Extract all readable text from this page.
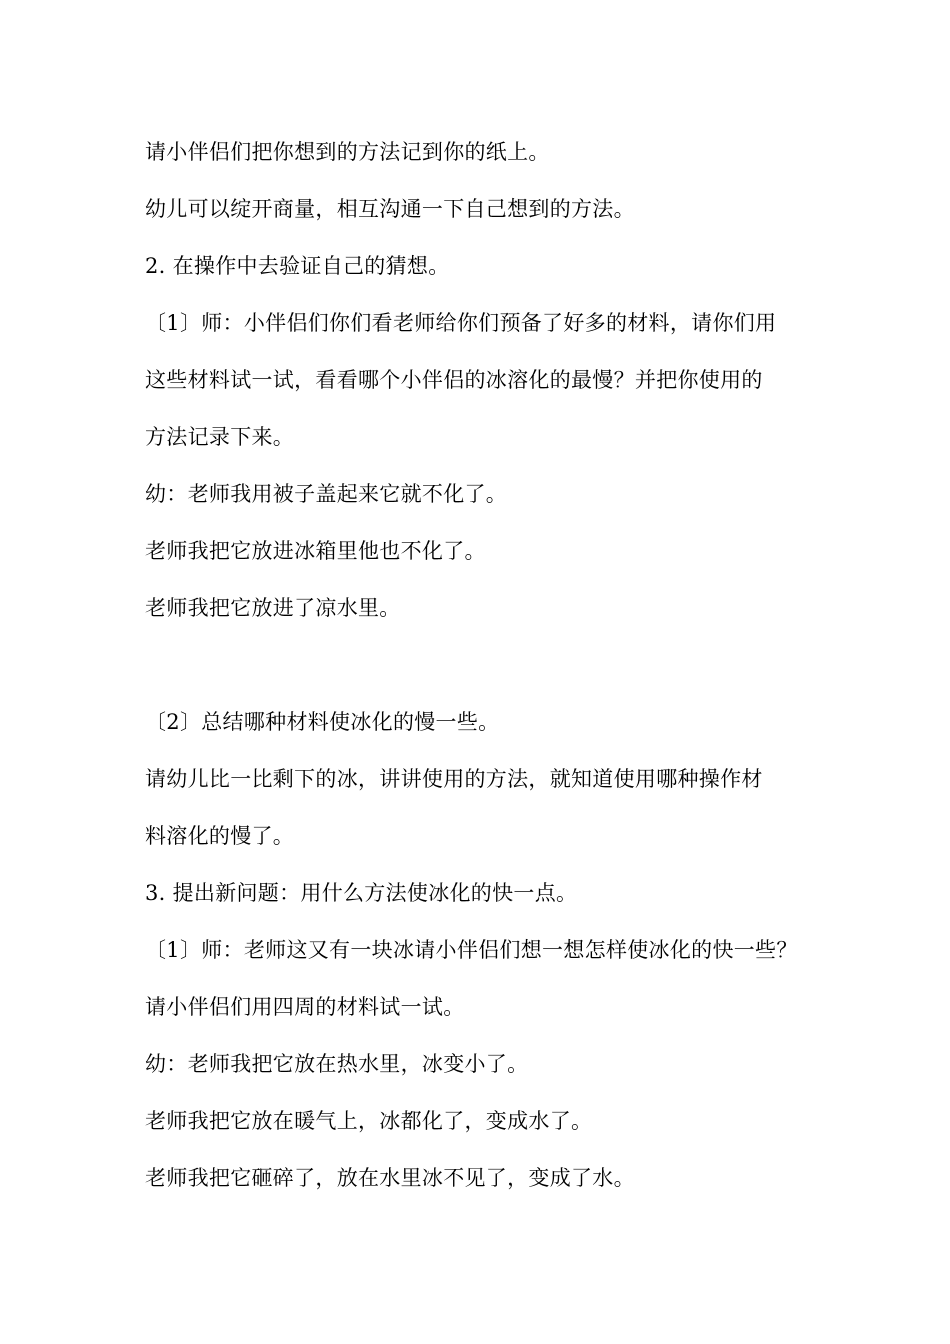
请小伴侣们把你想到的方法记到你的纸上。
幼儿可以绽开商量，相互沟通一下自己想到的方法。
2. 在操作中去验证自己的猜想。
〔1〕师：小伴侣们你们看老师给你们预备了好多的材料，请你们用
这些材料试一试，看看哪个小伴侣的冰溶化的最慢？并把你使用的
方法记录下来。
幼：老师我用被子盖起来它就不化了。
老师我把它放进冰箱里他也不化了。
老师我把它放进了凉水里。
〔2〕总结哪种材料使冰化的慢一些。
请幼儿比一比剩下的冰，讲讲使用的方法，就知道使用哪种操作材
料溶化的慢了。
3. 提出新问题：用什么方法使冰化的快一点。
〔1〕师：老师这又有一块冰请小伴侣们想一想怎样使冰化的快一些？
请小伴侣们用四周的材料试一试。
幼：老师我把它放在热水里，冰变小了。
老师我把它放在暖气上，冰都化了，变成水了。
老师我把它砸碎了，放在水里冰不见了，变成了水。
